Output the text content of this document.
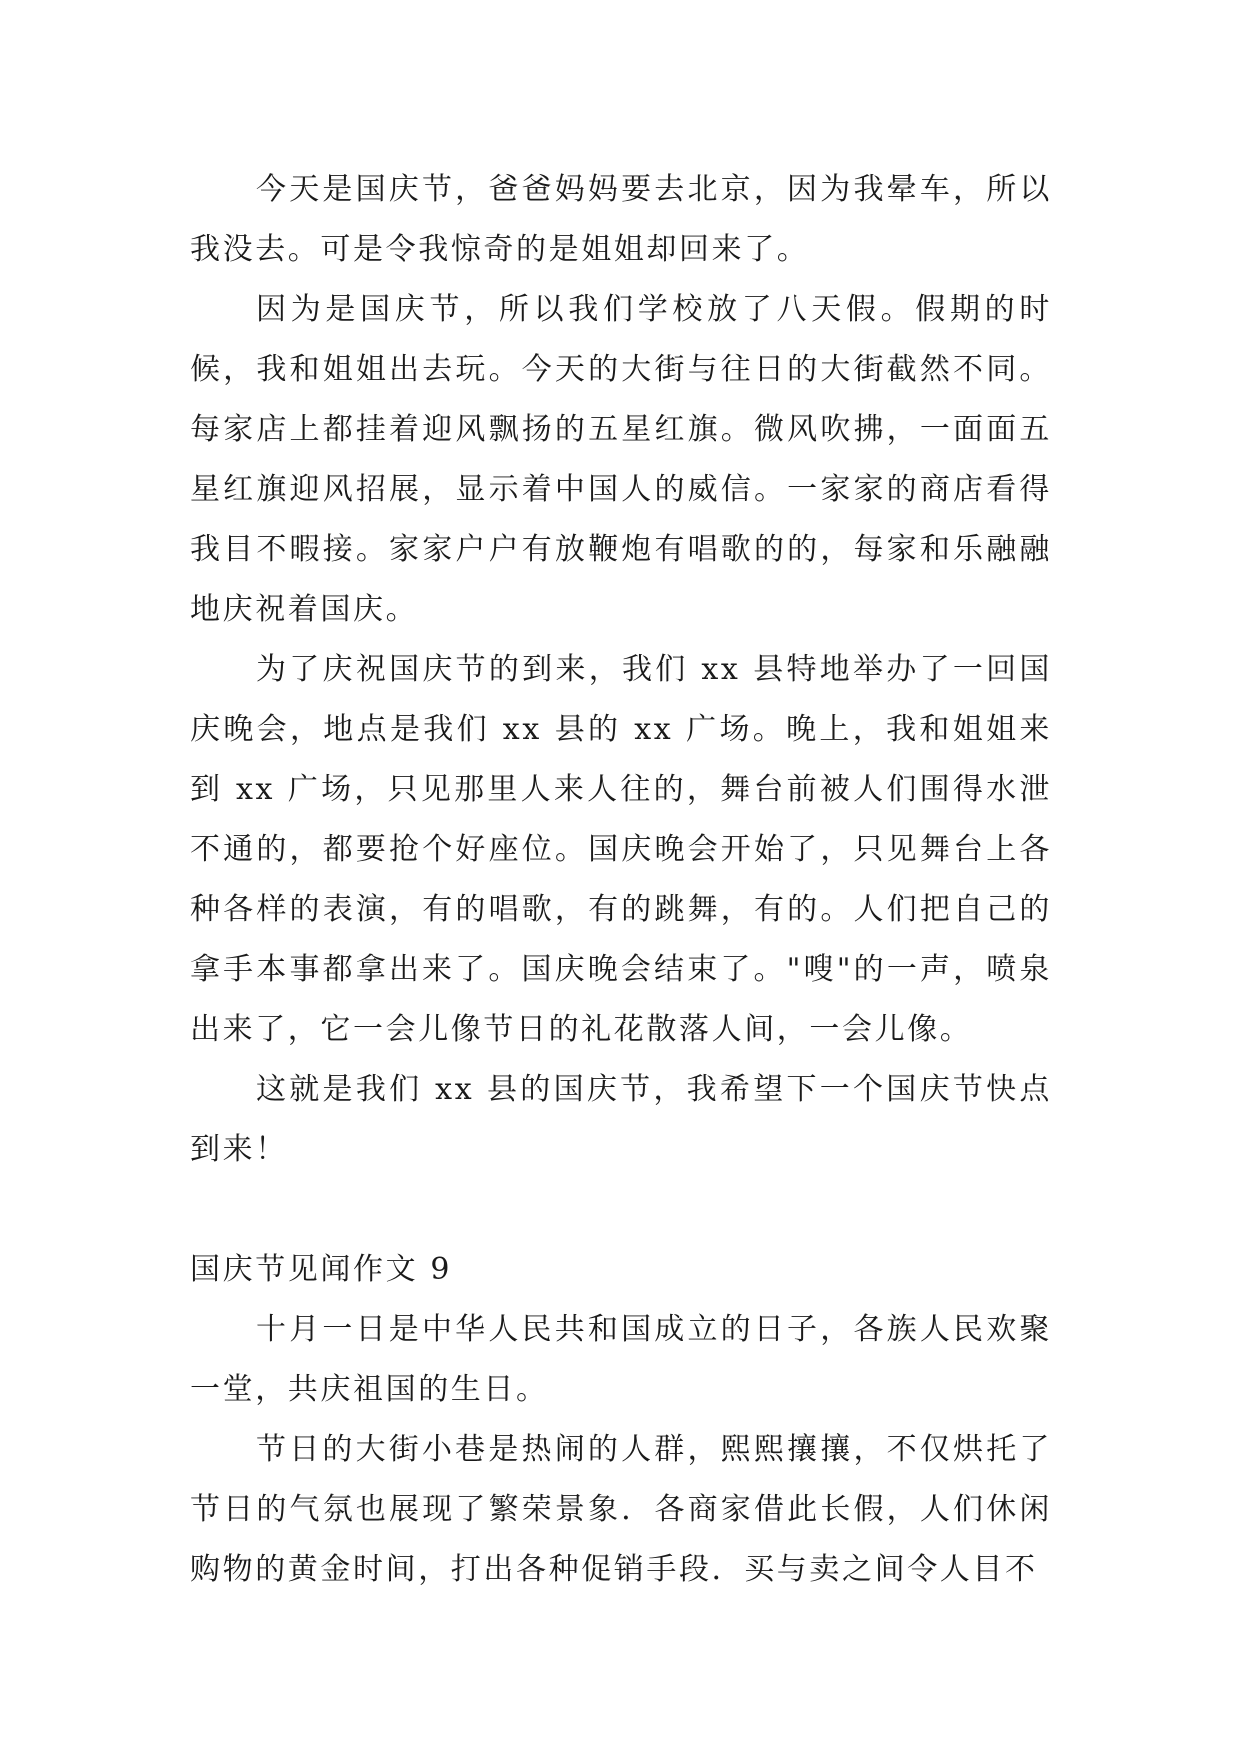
今天是国庆节，爸爸妈妈要去北京，因为我晕车，所以我没去。可是令我惊奇的是姐姐却回来了。

因为是国庆节，所以我们学校放了八天假。假期的时候，我和姐姐出去玩。今天的大街与往日的大街截然不同。每家店上都挂着迎风飘扬的五星红旗。微风吹拂，一面面五星红旗迎风招展，显示着中国人的威信。一家家的商店看得我目不暇接。家家户户有放鞭炮有唱歌的的，每家和乐融融地庆祝着国庆。

为了庆祝国庆节的到来，我们 xx 县特地举办了一回国庆晚会，地点是我们 xx 县的 xx 广场。晚上，我和姐姐来到 xx 广场，只见那里人来人往的，舞台前被人们围得水泄不通的，都要抢个好座位。国庆晚会开始了，只见舞台上各种各样的表演，有的唱歌，有的跳舞，有的。人们把自己的拿手本事都拿出来了。国庆晚会结束了。"嗖"的一声，喷泉出来了，它一会儿像节日的礼花散落人间，一会儿像。

这就是我们 xx 县的国庆节，我希望下一个国庆节快点到来！

国庆节见闻作文 9

十月一日是中华人民共和国成立的日子，各族人民欢聚一堂，共庆祖国的生日。

节日的大街小巷是热闹的人群，熙熙攘攘，不仅烘托了节日的气氛也展现了繁荣景象．各商家借此长假，人们休闲购物的黄金时间，打出各种促销手段．买与卖之间令人目不
